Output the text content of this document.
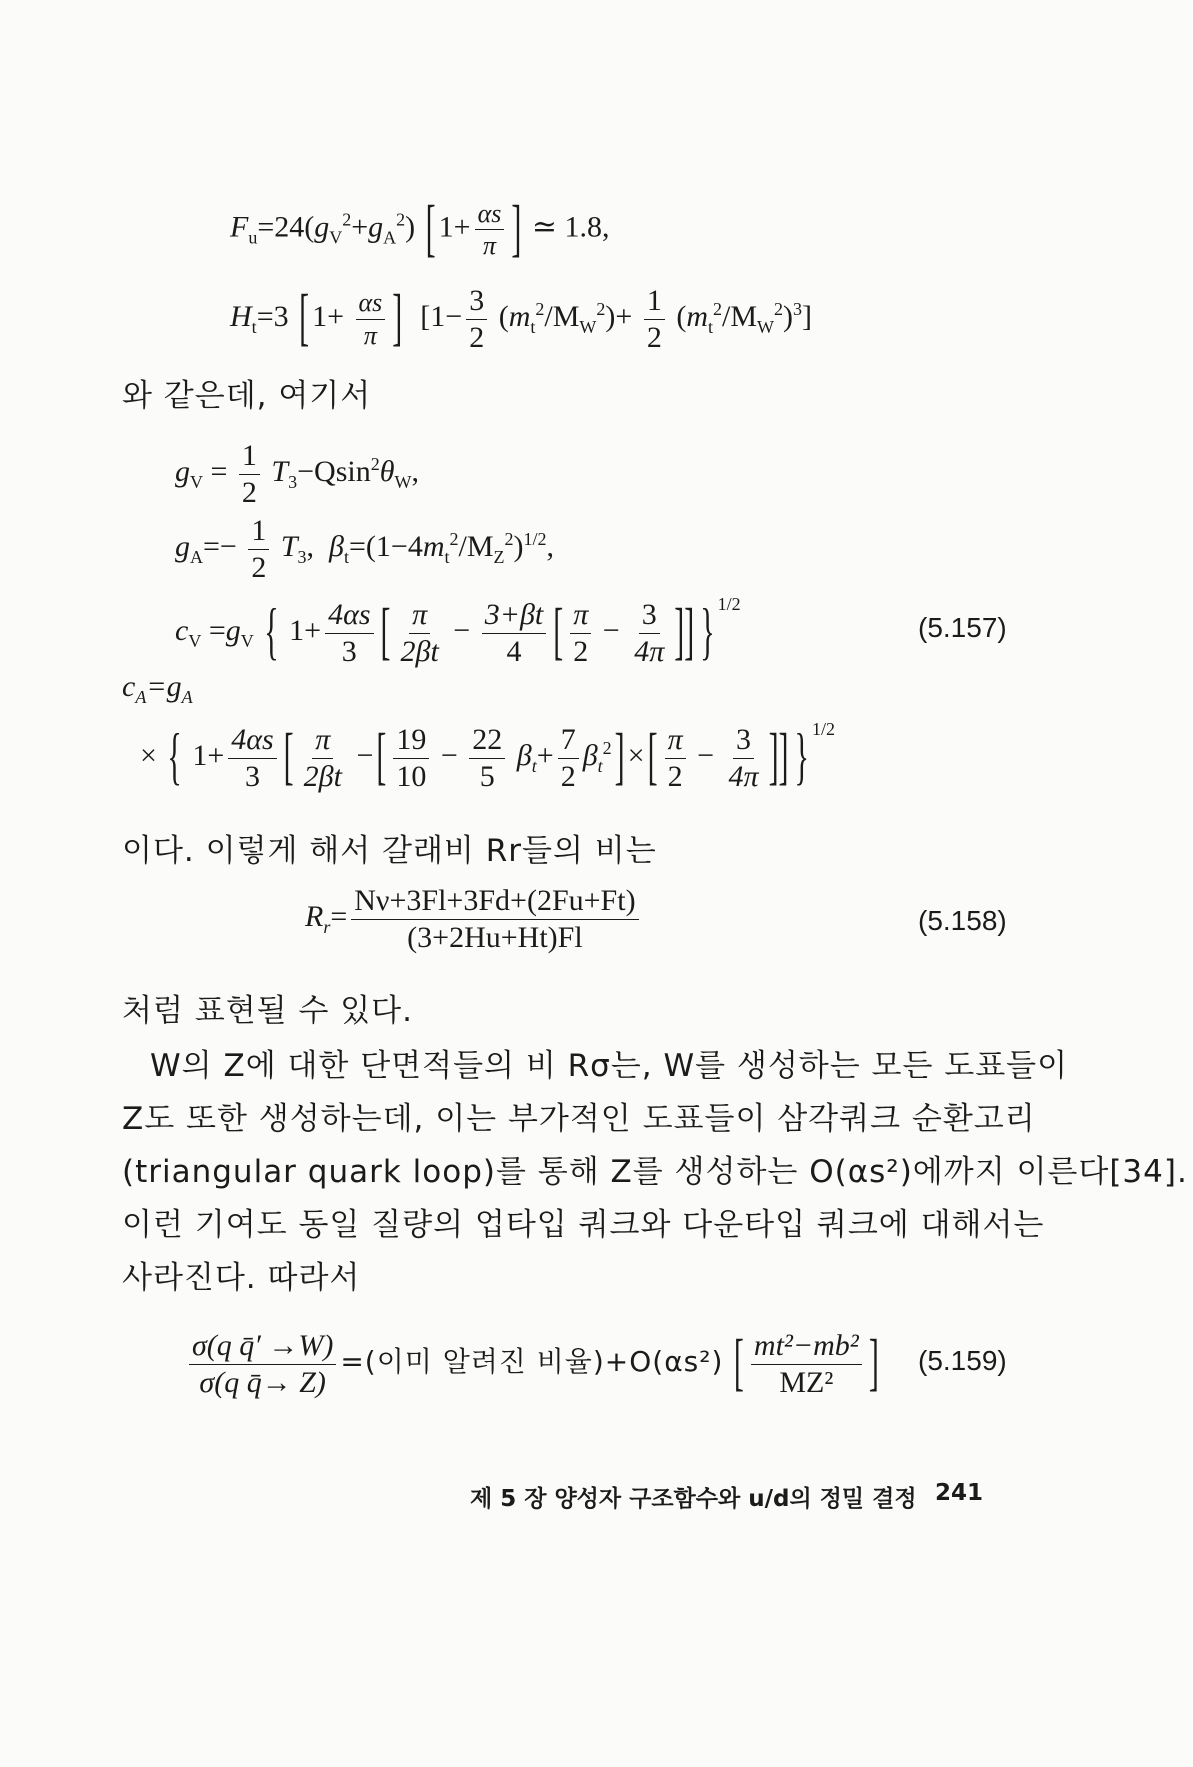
$F_u=24(g_V^2+g_A^2)$ [ $1+ \frac{\alpha s}{\pi}$ ] ≃ 1.8,
$H_t=3$ [ $1+ \frac{\alpha s}{\pi}$ ] $[1- \frac{3}{2} (m_t^2/M_W^2)+ \frac{1}{2} (m_t^2/M_W^2)^3]$
와 같은데, 여기서
$g_V = \frac{1}{2} T_3-Qsin^2\theta_W$,
$g_A=- \frac{1}{2} T_3$,  $\beta_t=(1-4m_t^2/M_Z^2)^{1/2}$,
$c_V =g_V$ { $1+ \frac{4\alpha s}{3}$ [ $\frac{\pi}{2\beta t} - \frac{3+\beta t}{4}$ [ $\frac{\pi}{2} - \frac{3}{4\pi}$ ]] } $^{1/2}$
(5.157)
$c_A=g_A$
× { $1+ \frac{4\alpha s}{3}$ [ $\frac{\pi}{2\beta t}$ − [ $\frac{19}{10} - \frac{22}{5} \beta_t+ \frac{7}{2} \beta_t^2$ ] × [ $\frac{\pi}{2} - \frac{3}{4\pi}$ ]] } $^{1/2}$
이다. 이렇게 해서 갈래비 Rr들의 비는
$R_r= \frac{N\nu+3Fl+3Fd+(2Fu+Ft)}{(3+2Hu+Ht)Fl}$	(5.158)
처럼 표현될 수 있다.
W의 Z에 대한 단면적들의 비 Rσ는, W를 생성하는 모든 도표들이
Z도 또한 생성하는데, 이는 부가적인 도표들이 삼각쿼크 순환고리
(triangular quark loop)를 통해 Z를 생성하는 O(αs²)에까지 이른다[34].
이런 기여도 동일 질량의 업타입 쿼크와 다운타입 쿼크에 대해서는
사라진다. 따라서
$\frac{\text{σ(q q̄′ →W)}}{\text{σ(q q̄→ Z)}}$ =(이미 알려진 비율)+O(αs²) [ $\frac{\text{mt²−mb²}}{\text{MZ²}}$ ] (5.159)
제 5 장 양성자 구조함수와 u/d의 정밀 결정 241
